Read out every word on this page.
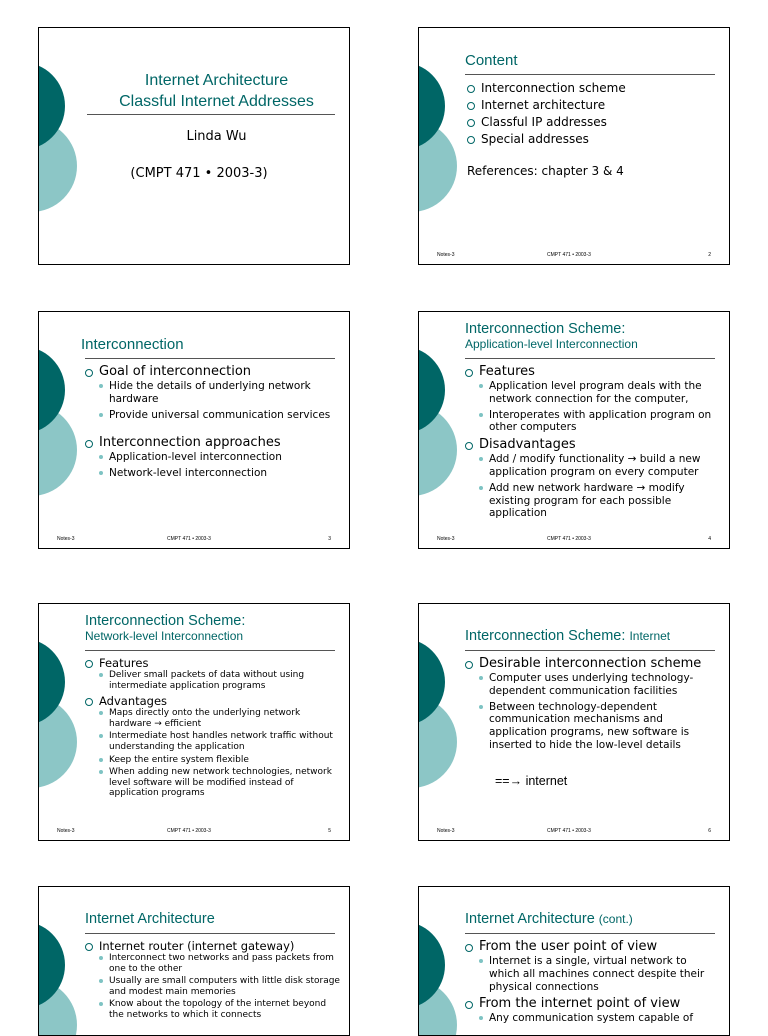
Internet Architecture
Classful Internet Addresses
Linda Wu
(CMPT 471 • 2003-3)
Content
Interconnection scheme
Internet architecture
Classful IP addresses
Special addresses
References: chapter 3 & 4
Notes-3	CMPT 471 • 2003-3	2
Interconnection
Goal of interconnection
Hide the details of underlying network hardware
Provide universal communication services
Interconnection approaches
Application-level interconnection
Network-level interconnection
Notes-3	CMPT 471 • 2003-3	3
Interconnection Scheme:
Application-level Interconnection
Features
Application level program deals with the network connection for the computer,
Interoperates with application program on other computers
Disadvantages
Add / modify functionality → build a new application program on every computer
Add new network hardware → modify existing program for each possible application
Notes-3	CMPT 471 • 2003-3	4
Interconnection Scheme:
Network-level Interconnection
Features
Deliver small packets of data without using intermediate application programs
Advantages
Maps directly onto the underlying network hardware → efficient
Intermediate host handles network traffic without understanding the application
Keep the entire system flexible
When adding new network technologies, network level software will be modified instead of application programs
Notes-3	CMPT 471 • 2003-3	5
Interconnection Scheme: Internet
Desirable interconnection scheme
Computer uses underlying technology-dependent communication facilities
Between technology-dependent communication mechanisms and application programs, new software is inserted to hide the low-level details
==→ internet
Notes-3	CMPT 471 • 2003-3	6
Internet Architecture
Internet router (internet gateway)
Interconnect two networks and pass packets from one to the other
Usually are small computers with little disk storage and modest main memories
Know about the topology of the internet beyond the networks to which it connects
Internet Architecture (cont.)
From the user point of view
Internet is a single, virtual network to which all machines connect despite their physical connections
From the internet point of view
Any communication system capable of
